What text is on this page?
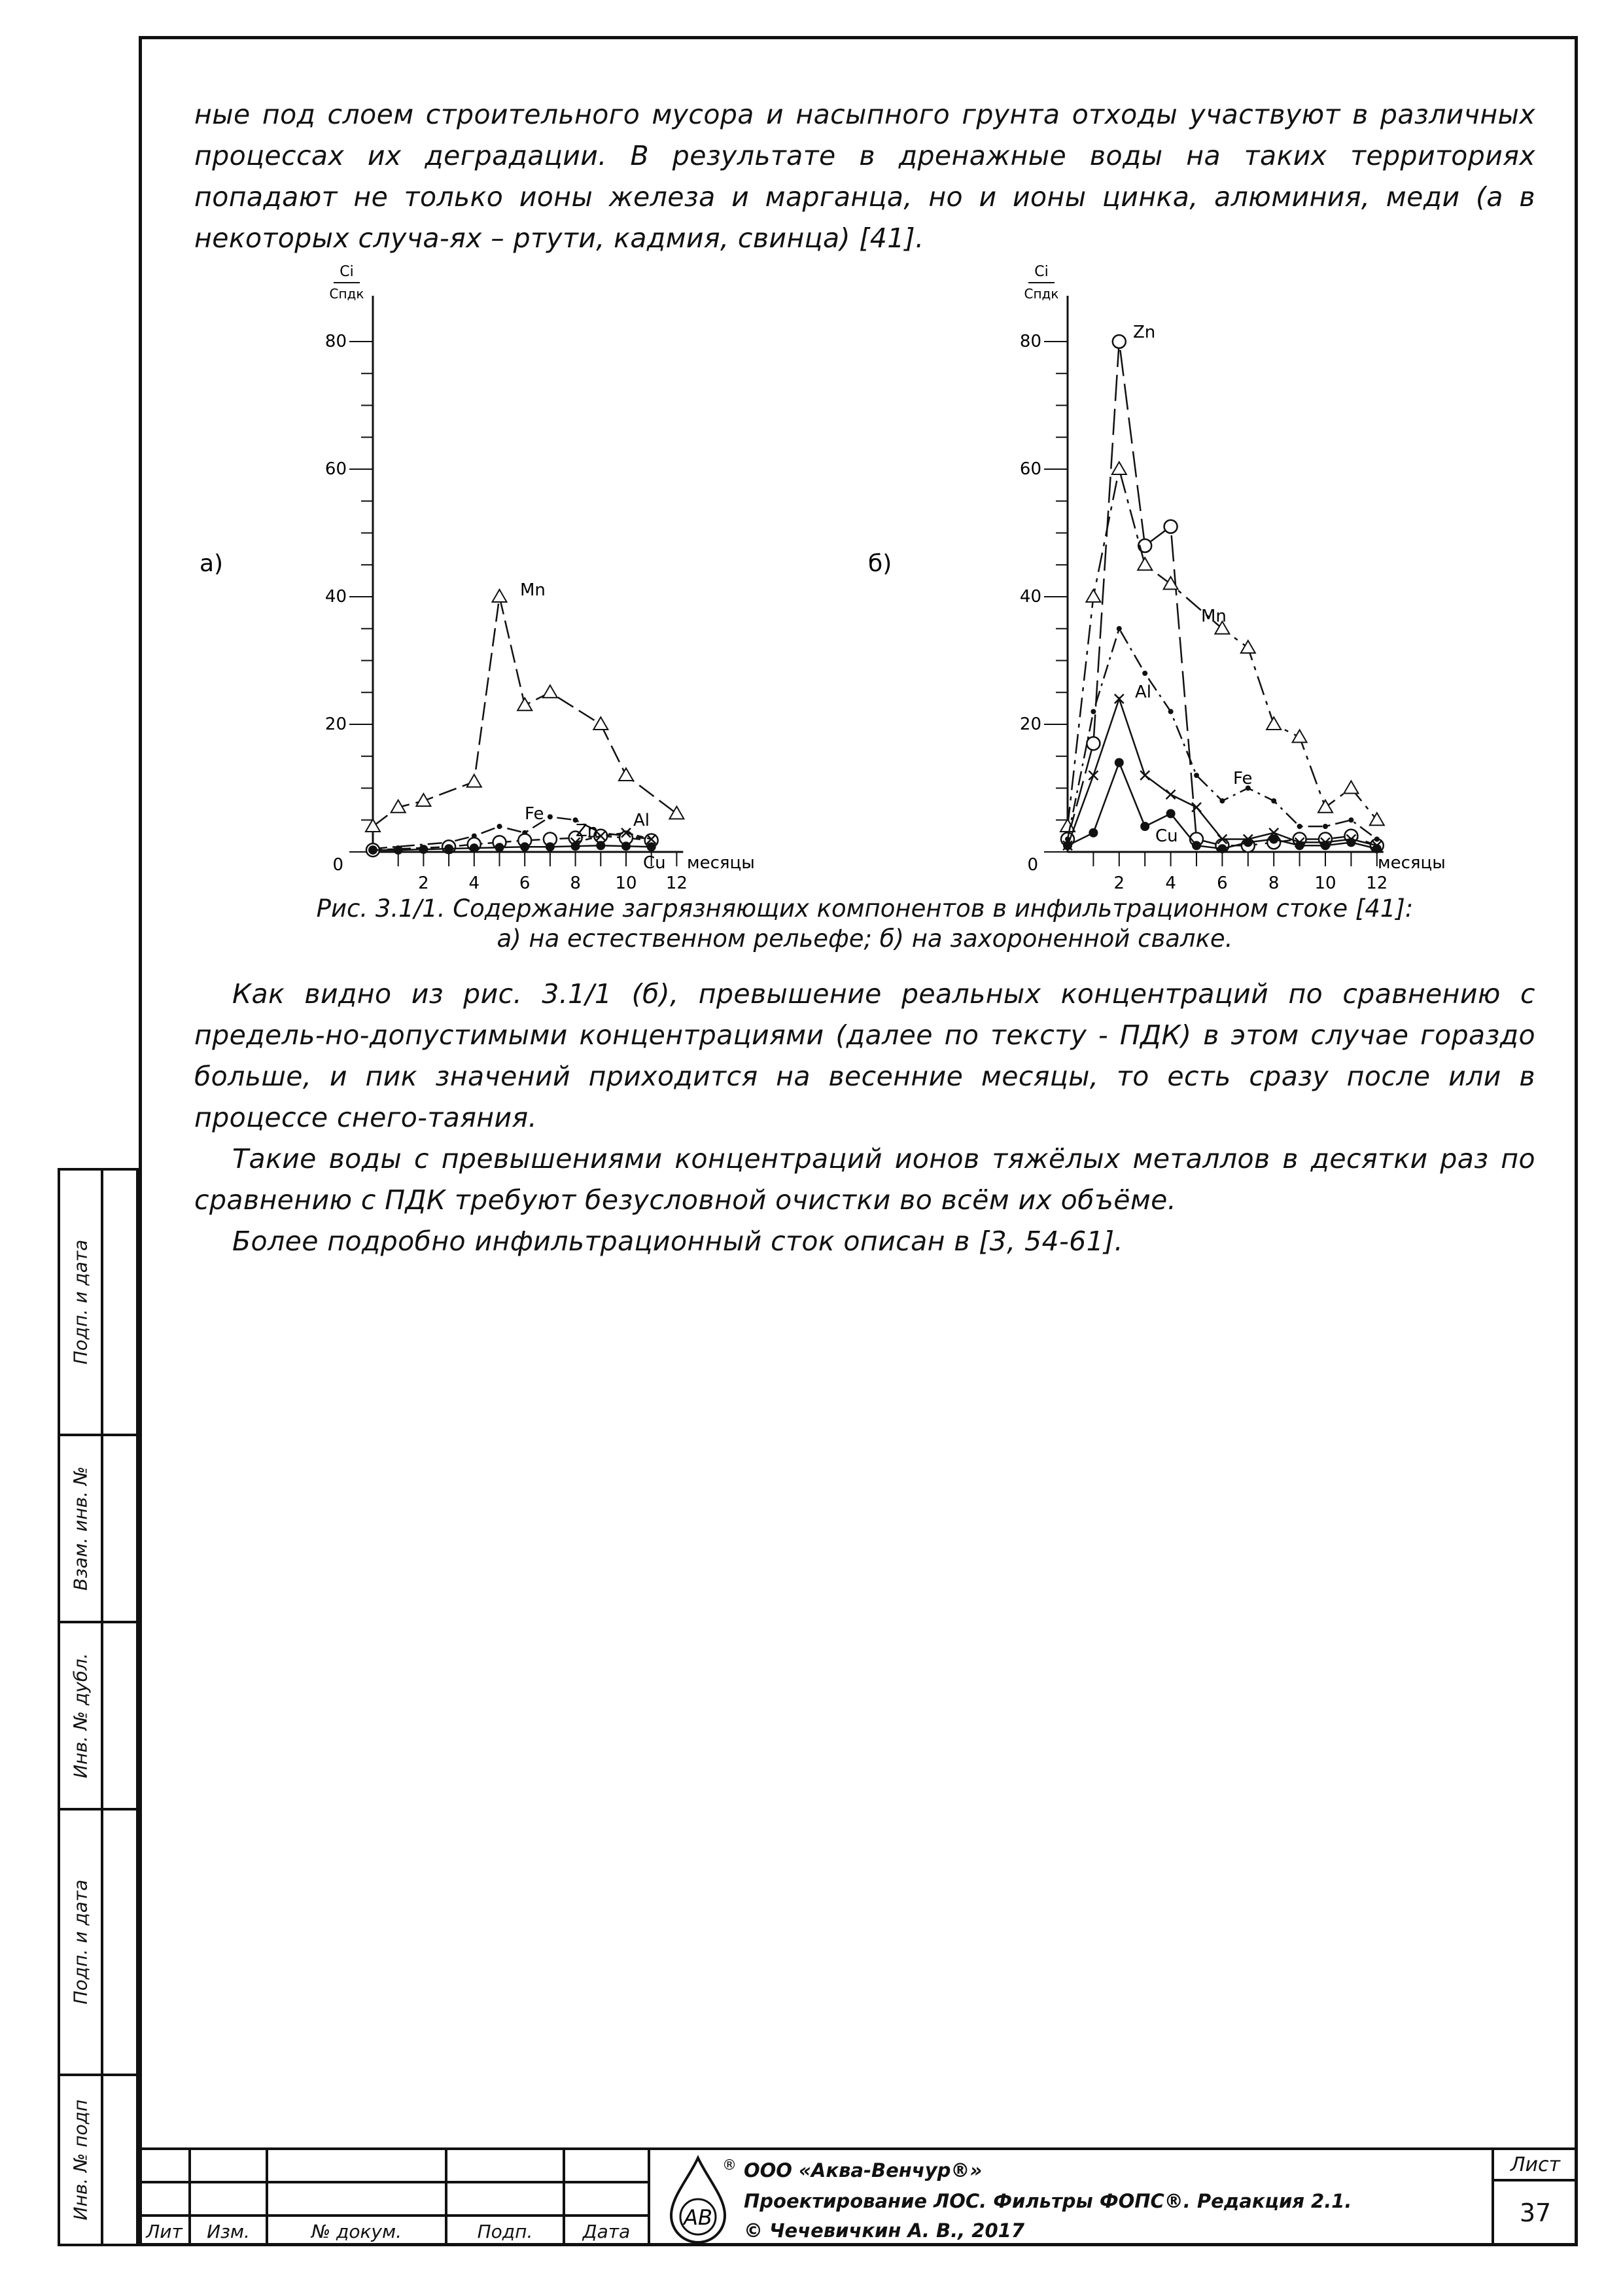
ные под слоем строительного мусора и насыпного грунта отходы участвуют в различных процессах их деградации. В результате в дренажные воды на таких территориях попадают не только ионы железа и марганца, но и ионы цинка, алюминия, меди (а в некоторых случа-ях – ртути, кадмия, свинца) [41].

а)
Ci
Cпдк
0
20
40
60
80
2 4 6 8 10 12
месяцы
Mn
Fe
Zn
Al
Cu
б)
Ci
Cпдк
0
20
40
60
80
2 4 6 8 10 12
месяцы
Zn
Mn
Al
Fe
Cu
Рис. 3.1/1. Содержание загрязняющих компонентов в инфильтрационном стоке [41]:
а) на естественном рельефе; б) на захороненной свалке.

Как видно из рис. 3.1/1 (б), превышение реальных концентраций по сравнению с предель-но-допустимыми концентрациями (далее по тексту - ПДК) в этом случае гораздо больше, и пик значений приходится на весенние месяцы, то есть сразу после или в процессе снего-таяния.

Такие воды с превышениями концентраций ионов тяжёлых металлов в десятки раз по сравнению с ПДК требуют безусловной очистки во всём их объёме.

Более подробно инфильтрационный сток описан в [3, 54-61].

Подп. и дата
Взам. инв. №
Инв. № дубл.
Подп. и дата
Инв. № подп
Лит	Изм.	№ докум.	Подп.	Дата
АВ
® ООО «Аква-Венчур®»
Проектирование ЛОС. Фильтры ФОПС®. Редакция 2.1.
© Чечевичкин А. В., 2017
Лист
37
